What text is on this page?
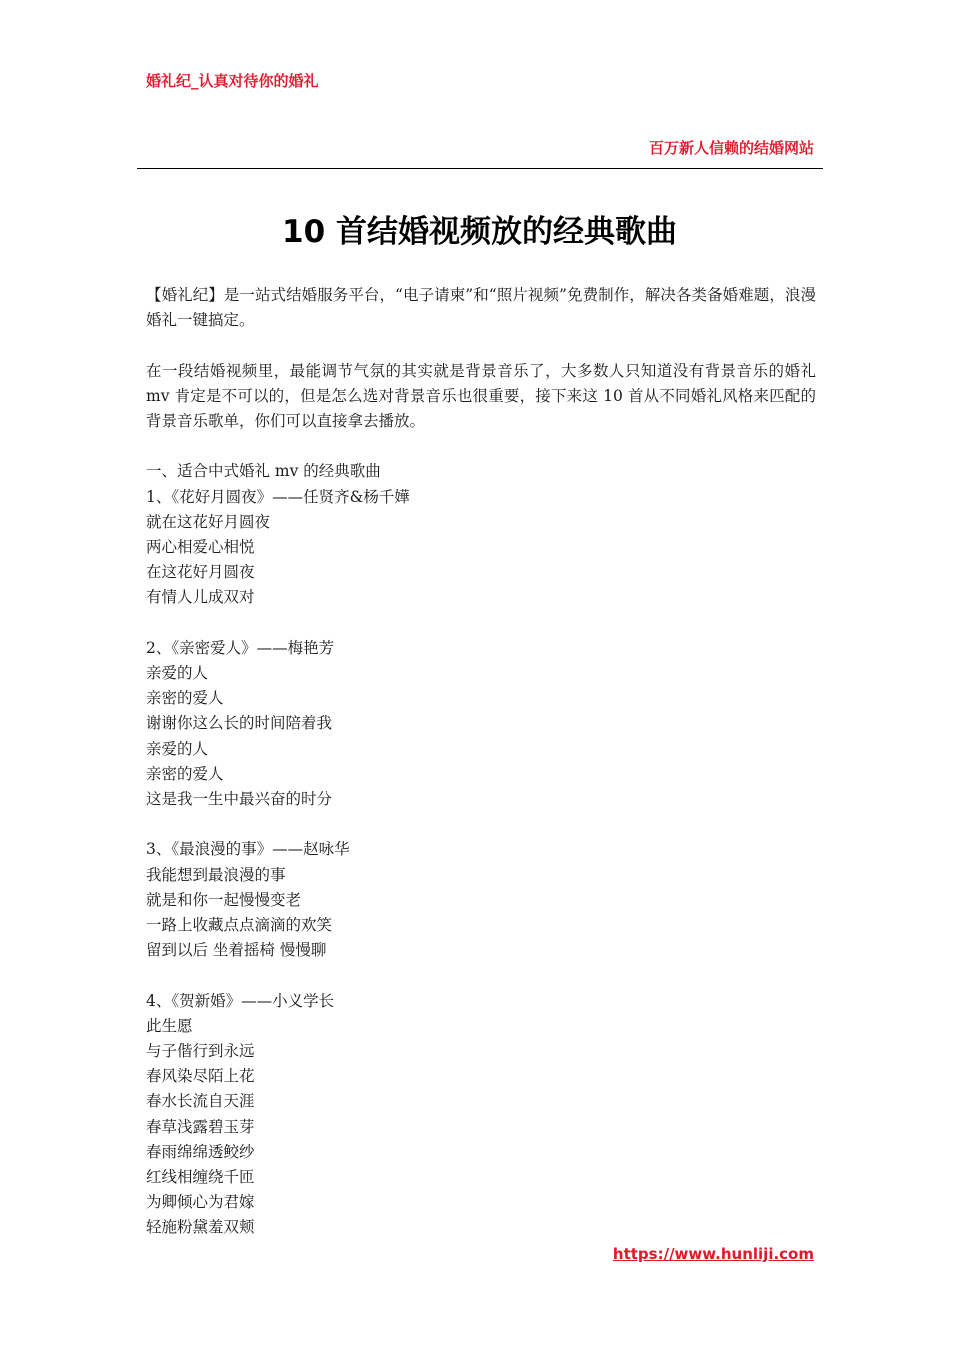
婚礼纪_认真对待你的婚礼
百万新人信赖的结婚网站
10 首结婚视频放的经典歌曲

【婚礼纪】是一站式结婚服务平台，“电子请柬”和“照片视频”免费制作，解决各类备婚难题，浪漫婚礼一键搞定。

在一段结婚视频里，最能调节气氛的其实就是背景音乐了，大多数人只知道没有背景音乐的婚礼 mv 肯定是不可以的，但是怎么选对背景音乐也很重要，接下来这 10 首从不同婚礼风格来匹配的背景音乐歌单，你们可以直接拿去播放。

一、适合中式婚礼 mv 的经典歌曲

1、《花好月圆夜》——任贤齐&杨千嬅

就在这花好月圆夜

两心相爱心相悦

在这花好月圆夜

有情人儿成双对

2、《亲密爱人》——梅艳芳

亲爱的人

亲密的爱人

谢谢你这么长的时间陪着我

亲爱的人

亲密的爱人

这是我一生中最兴奋的时分

3、《最浪漫的事》——赵咏华

我能想到最浪漫的事

就是和你一起慢慢变老

一路上收藏点点滴滴的欢笑

留到以后 坐着摇椅 慢慢聊

4、《贺新婚》——小义学长

此生愿

与子偕行到永远

春风染尽陌上花

春水长流自天涯

春草浅露碧玉芽

春雨绵绵透鲛纱

红线相缠绕千匝

为卿倾心为君嫁

轻施粉黛羞双颊

https://www.hunliji.com
